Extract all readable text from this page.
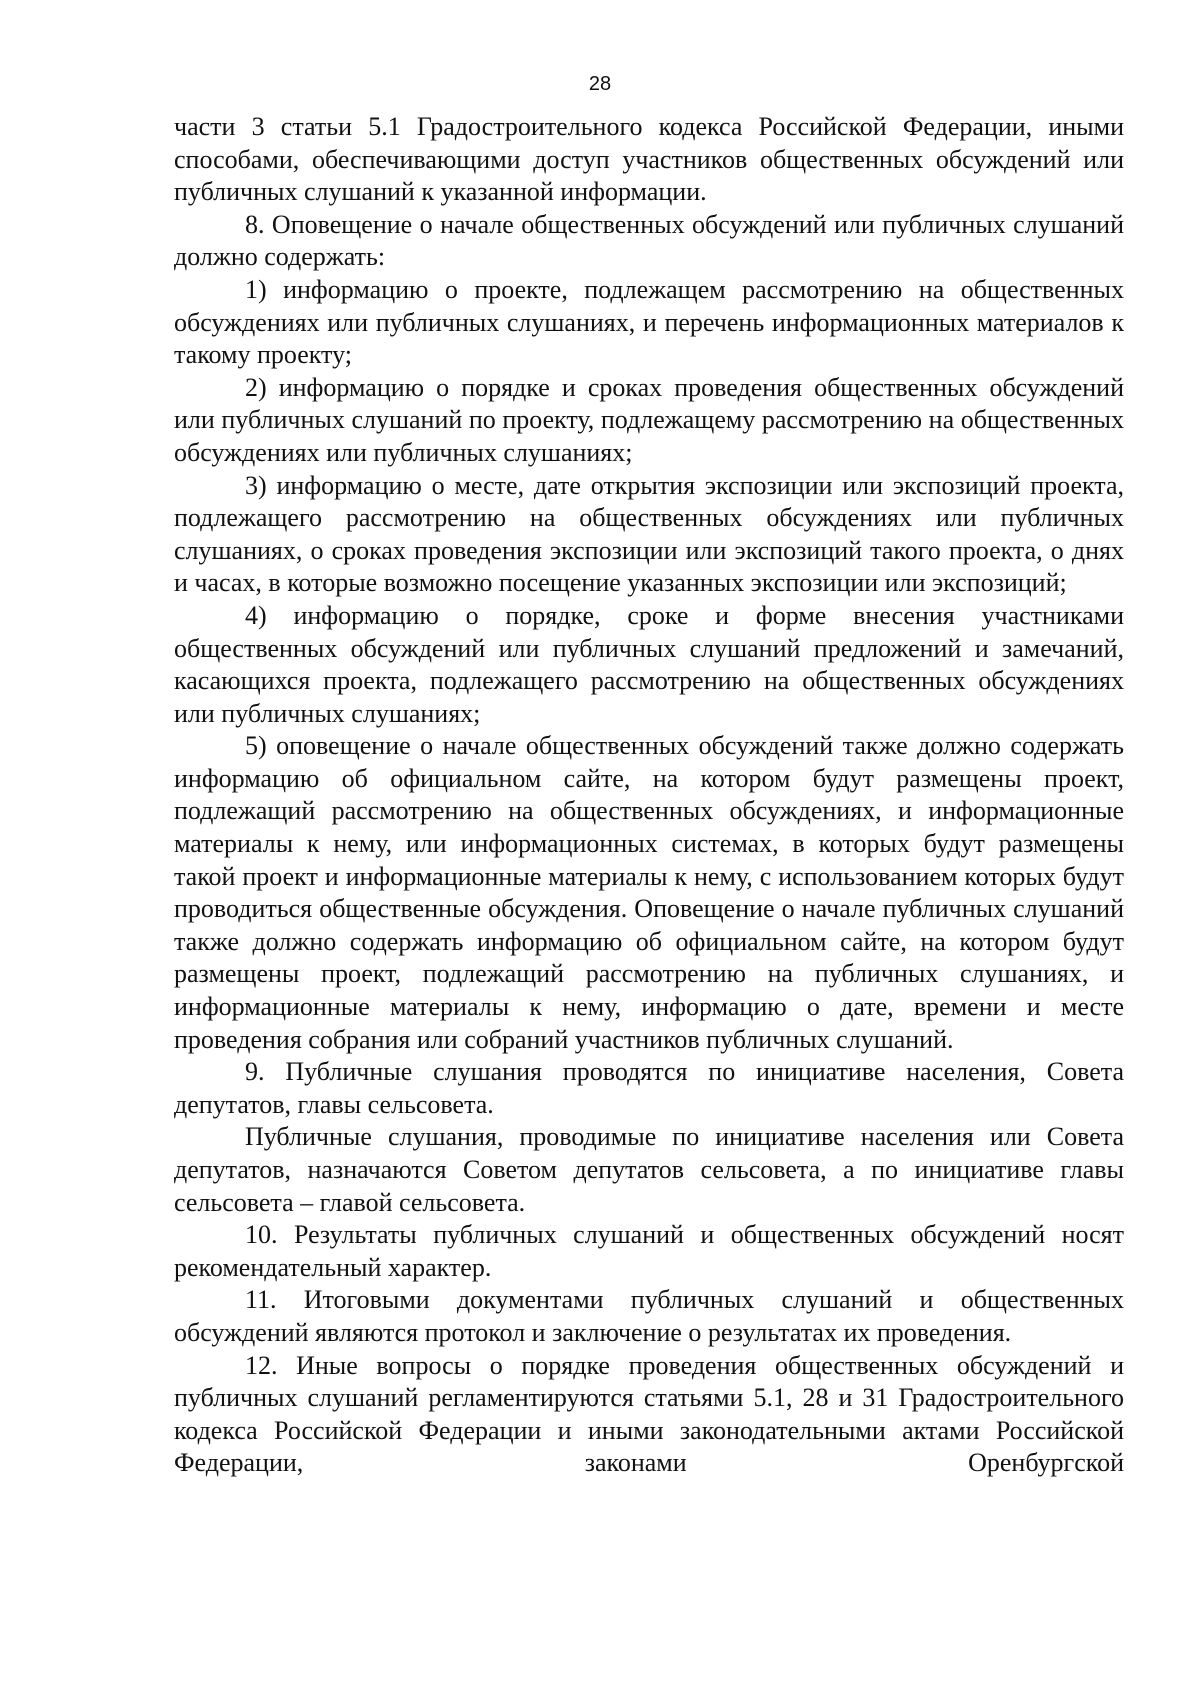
28

части 3 статьи 5.1 Градостроительного кодекса Российской Федерации, иными способами, обеспечивающими доступ участников общественных обсуждений или публичных слушаний к указанной информации.

8. Оповещение о начале общественных обсуждений или публичных слушаний должно содержать:

1) информацию о проекте, подлежащем рассмотрению на общественных обсуждениях или публичных слушаниях, и перечень информационных материалов к такому проекту;

2) информацию о порядке и сроках проведения общественных обсуждений или публичных слушаний по проекту, подлежащему рассмотрению на общественных обсуждениях или публичных слушаниях;

3) информацию о месте, дате открытия экспозиции или экспозиций проекта, подлежащего рассмотрению на общественных обсуждениях или публичных слушаниях, о сроках проведения экспозиции или экспозиций такого проекта, о днях и часах, в которые возможно посещение указанных экспозиции или экспозиций;

4) информацию о порядке, сроке и форме внесения участниками общественных обсуждений или публичных слушаний предложений и замечаний, касающихся проекта, подлежащего рассмотрению на общественных обсуждениях или публичных слушаниях;

5) оповещение о начале общественных обсуждений также должно содержать информацию об официальном сайте, на котором будут размещены проект, подлежащий рассмотрению на общественных обсуждениях, и информационные материалы к нему, или информационных системах, в которых будут размещены такой проект и информационные материалы к нему, с использованием которых будут проводиться общественные обсуждения. Оповещение о начале публичных слушаний также должно содержать информацию об официальном сайте, на котором будут размещены проект, подлежащий рассмотрению на публичных слушаниях, и информационные материалы к нему, информацию о дате, времени и месте проведения собрания или собраний участников публичных слушаний.

9. Публичные слушания проводятся по инициативе населения, Совета депутатов, главы сельсовета.

Публичные слушания, проводимые по инициативе населения или Совета депутатов, назначаются Советом депутатов сельсовета, а по инициативе главы сельсовета – главой сельсовета.

10. Результаты публичных слушаний и общественных обсуждений носят рекомендательный характер.

11. Итоговыми документами публичных слушаний и общественных обсуждений являются протокол и заключение о результатах их проведения.

12. Иные вопросы о порядке проведения общественных обсуждений и публичных слушаний регламентируются статьями 5.1, 28 и 31 Градостроительного кодекса Российской Федерации и иными законодательными актами Российской Федерации, законами Оренбургской
